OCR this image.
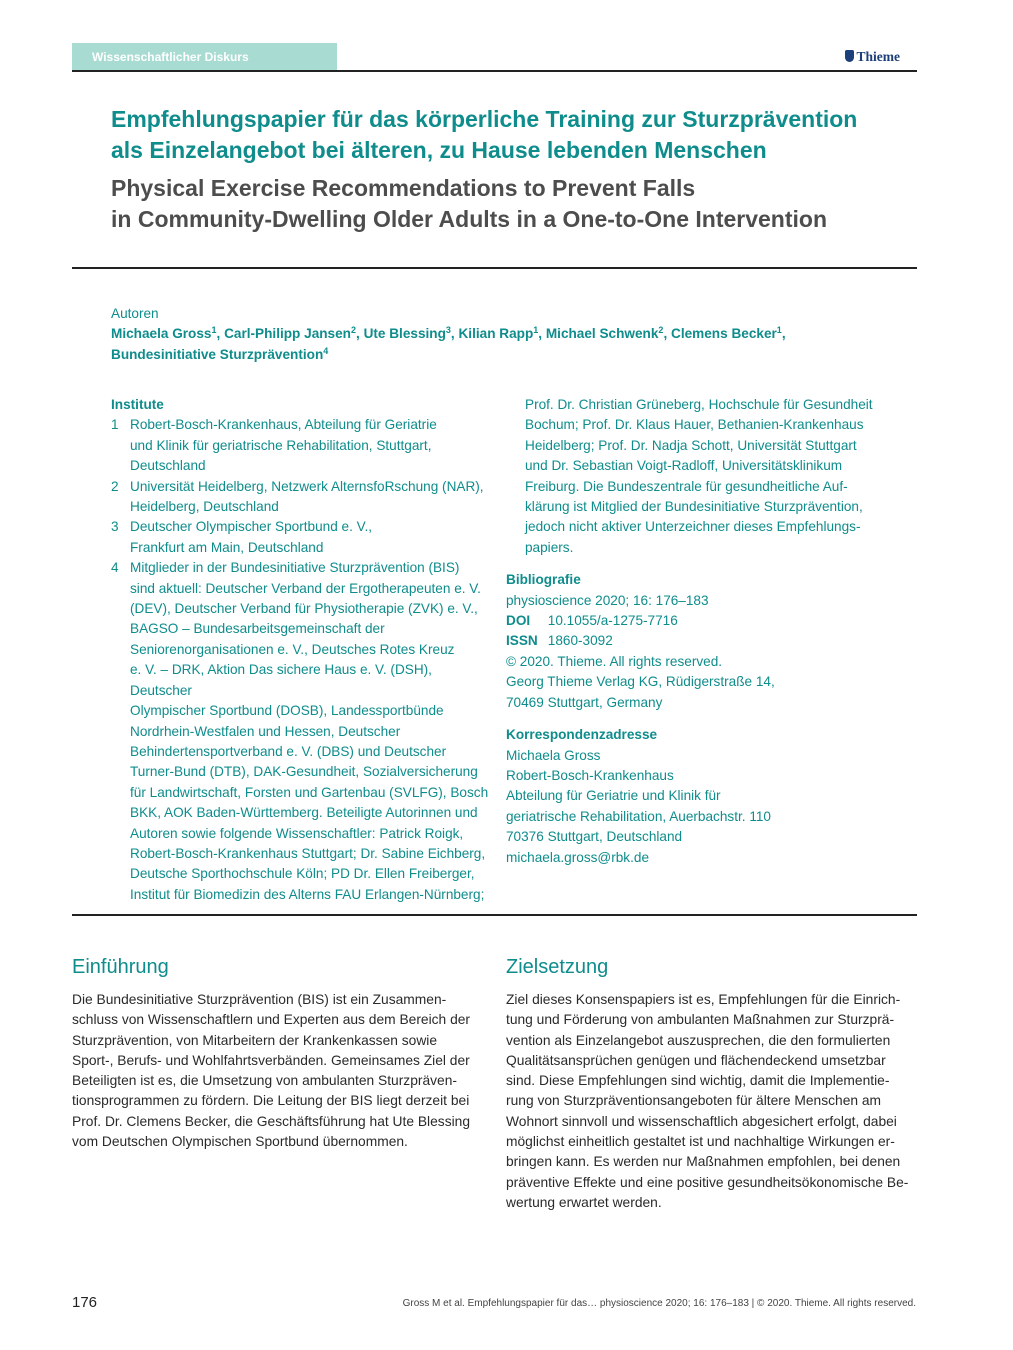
Wissenschaftlicher Diskurs	Thieme
Empfehlungspapier für das körperliche Training zur Sturzprävention
als Einzelangebot bei älteren, zu Hause lebenden Menschen
Physical Exercise Recommendations to Prevent Falls
in Community-Dwelling Older Adults in a One-to-One Intervention
Autoren
Michaela Gross$^1$, Carl-Philipp Jansen$^2$, Ute Blessing$^3$, Kilian Rapp$^1$, Michael Schwenk$^2$, Clemens Becker$^1$,
Bundesinitiative Sturzprävention$^4$
Institute
1 Robert-Bosch-Krankenhaus, Abteilung für Geriatrie
und Klinik für geriatrische Rehabilitation, Stuttgart,
Deutschland
2 Universität Heidelberg, Netzwerk AlternsfoRschung (NAR),
Heidelberg, Deutschland
3 Deutscher Olympischer Sportbund e. V.,
Frankfurt am Main, Deutschland
4 Mitglieder in der Bundesinitiative Sturzprävention (BIS)
sind aktuell: Deutscher Verband der Ergotherapeuten e. V.
(DEV), Deutscher Verband für Physiotherapie (ZVK) e. V.,
BAGSO – Bundesarbeitsgemeinschaft der
Seniorenorganisationen e. V., Deutsches Rotes Kreuz
e. V. – DRK, Aktion Das sichere Haus e. V. (DSH), Deutscher
Olympischer Sportbund (DOSB), Landessportbünde
Nordrhein-Westfalen und Hessen, Deutscher
Behindertensportverband e. V. (DBS) und Deutscher
Turner-Bund (DTB), DAK-Gesundheit, Sozialversicherung
für Landwirtschaft, Forsten und Gartenbau (SVLFG), Bosch
BKK, AOK Baden-Württemberg. Beteiligte Autorinnen und
Autoren sowie folgende Wissenschaftler: Patrick Roigk,
Robert-Bosch-Krankenhaus Stuttgart; Dr. Sabine Eichberg,
Deutsche Sporthochschule Köln; PD Dr. Ellen Freiberger,
Institut für Biomedizin des Alterns FAU Erlangen-Nürnberg;
Prof. Dr. Christian Grüneberg, Hochschule für Gesundheit
Bochum; Prof. Dr. Klaus Hauer, Bethanien-Krankenhaus
Heidelberg; Prof. Dr. Nadja Schott, Universität Stuttgart
und Dr. Sebastian Voigt-Radloff, Universitätsklinikum
Freiburg. Die Bundeszentrale für gesundheitliche Auf-
klärung ist Mitglied der Bundesinitiative Sturzprävention,
jedoch nicht aktiver Unterzeichner dieses Empfehlungs-
papiers.
Bibliografie
physioscience 2020; 16: 176–183
DOI 10.1055/a-1275-7716
ISSN 1860-3092
© 2020. Thieme. All rights reserved.
Georg Thieme Verlag KG, Rüdigerstraße 14,
70469 Stuttgart, Germany
Korrespondenzadresse
Michaela Gross
Robert-Bosch-Krankenhaus
Abteilung für Geriatrie und Klinik für
geriatrische Rehabilitation, Auerbachstr. 110
70376 Stuttgart, Deutschland
michaela.gross@rbk.de
Einführung
Die Bundesinitiative Sturzprävention (BIS) ist ein Zusammen-
schluss von Wissenschaftlern und Experten aus dem Bereich der
Sturzprävention, von Mitarbeitern der Krankenkassen sowie
Sport-, Berufs- und Wohlfahrtsverbänden. Gemeinsames Ziel der
Beteiligten ist es, die Umsetzung von ambulanten Sturzpräven-
tionsprogrammen zu fördern. Die Leitung der BIS liegt derzeit bei
Prof. Dr. Clemens Becker, die Geschäftsführung hat Ute Blessing
vom Deutschen Olympischen Sportbund übernommen.
Zielsetzung
Ziel dieses Konsenspapiers ist es, Empfehlungen für die Einrich-
tung und Förderung von ambulanten Maßnahmen zur Sturzprä-
vention als Einzelangebot auszusprechen, die den formulierten
Qualitätsansprüchen genügen und flächendeckend umsetzbar
sind. Diese Empfehlungen sind wichtig, damit die Implementie-
rung von Sturzpräventionsangeboten für ältere Menschen am
Wohnort sinnvoll und wissenschaftlich abgesichert erfolgt, dabei
möglichst einheitlich gestaltet ist und nachhaltige Wirkungen er-
bringen kann. Es werden nur Maßnahmen empfohlen, bei denen
präventive Effekte und eine positive gesundheitsökonomische Be-
wertung erwartet werden.
176	Gross M et al. Empfehlungspapier für das… physioscience 2020; 16: 176–183 | © 2020. Thieme. All rights reserved.
